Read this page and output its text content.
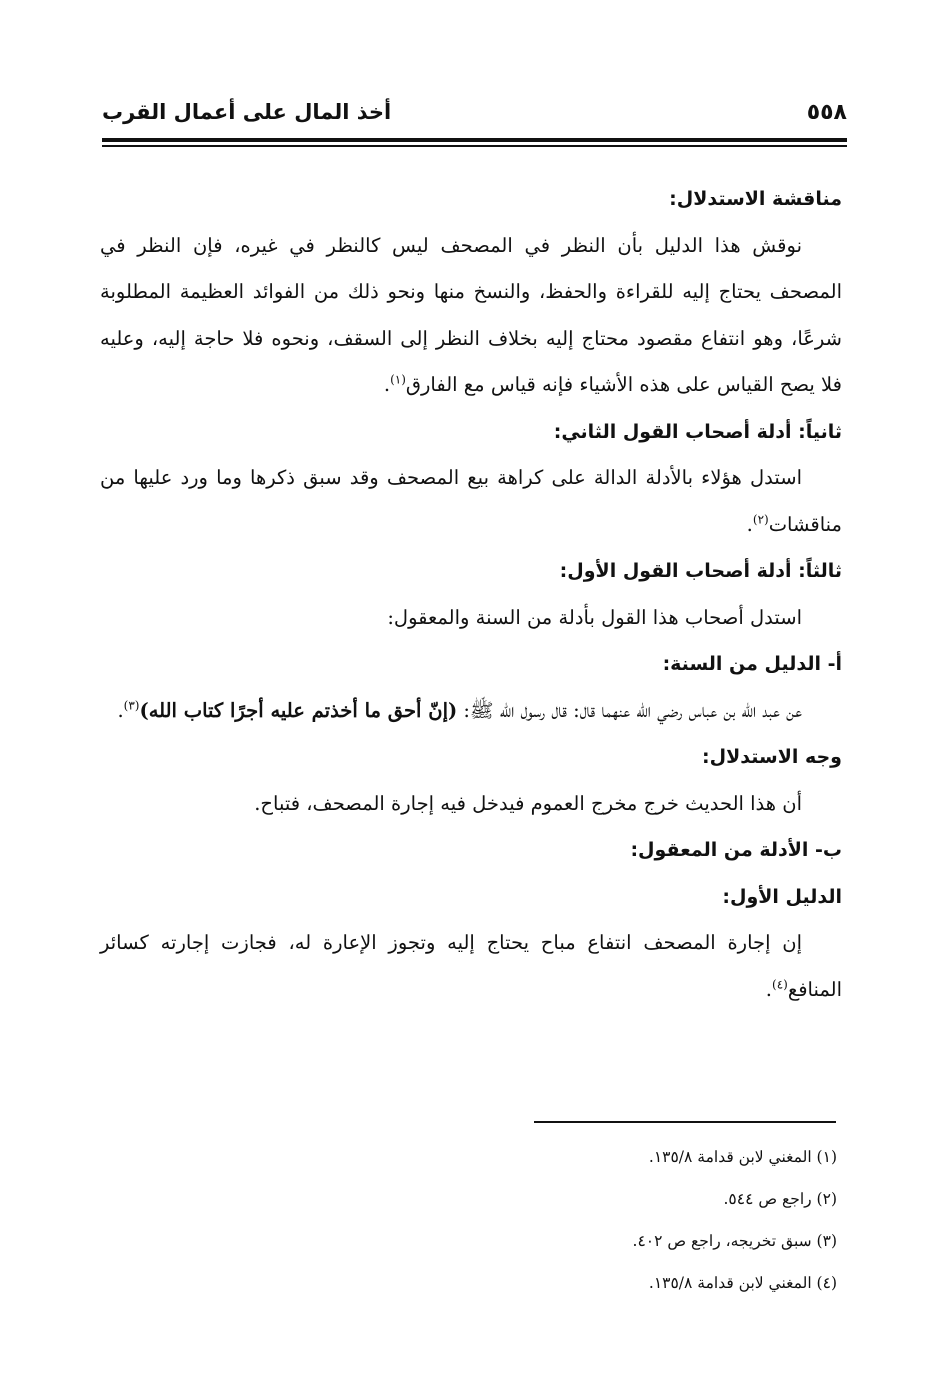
٥٥٨
أخذ المال على أعمال القرب

مناقشة الاستدلال:

نوقش هذا الدليل بأن النظر في المصحف ليس كالنظر في غيره، فإن النظر في المصحف يحتاج إليه للقراءة والحفظ، والنسخ منها ونحو ذلك من الفوائد العظيمة المطلوبة شرعًا، وهو انتفاع مقصود محتاج إليه بخلاف النظر إلى السقف، ونحوه فلا حاجة إليه، وعليه فلا يصح القياس على هذه الأشياء فإنه قياس مع الفارق$^{(١)}$.

ثانياً: أدلة أصحاب القول الثاني:

استدل هؤلاء بالأدلة الدالة على كراهة بيع المصحف وقد سبق ذكرها وما ورد عليها من مناقشات$^{(٢)}$.

ثالثاً: أدلة أصحاب القول الأول:

استدل أصحاب هذا القول بأدلة من السنة والمعقول:

أ- الدليل من السنة:

عن عبد الله بن عباس رضي الله عنهما قال: قال رسول الله ﷺ: (إنّ أحق ما أخذتم عليه أجرًا كتاب الله)$^{(٣)}$.

وجه الاستدلال:

أن هذا الحديث خرج مخرج العموم فيدخل فيه إجارة المصحف، فتباح.

ب- الأدلة من المعقول:

الدليل الأول:

إن إجارة المصحف انتفاع مباح يحتاج إليه وتجوز الإعارة له، فجازت إجارته كسائر المنافع$^{(٤)}$.

(١) المغني لابن قدامة ١٣٥/٨.

(٢) راجع ص ٥٤٤.

(٣) سبق تخريجه، راجع ص ٤٠٢.

(٤) المغني لابن قدامة ١٣٥/٨.
